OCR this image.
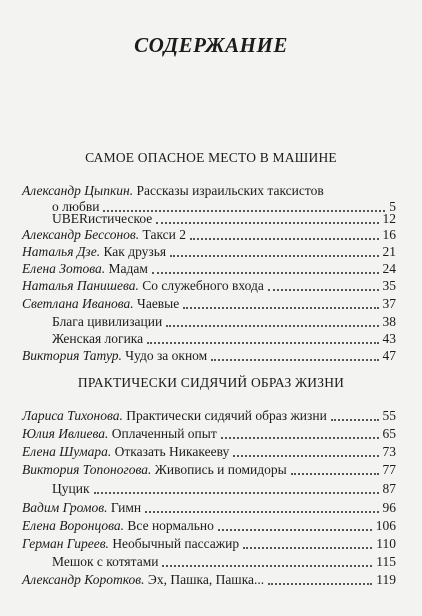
СОДЕРЖАНИЕ
САМОЕ ОПАСНОЕ МЕСТО В МАШИНЕ
Александр Цыпкин. Рассказы израильских таксистов
о любви	5
UBERистическое	12
Александр Бессонов. Такси 2	16
Наталья Дзе. Как друзья	21
Елена Зотова. Мадам	24
Наталья Панишева. Со служебного входа	35
Светлана Иванова. Чаевые	37
Блага цивилизации	38
Женская логика	43
Виктория Татур. Чудо за окном	47
ПРАКТИЧЕСКИ СИДЯЧИЙ ОБРАЗ ЖИЗНИ
Лариса Тихонова. Практически сидячий образ жизни	55
Юлия Ивлиева. Оплаченный опыт	65
Елена Шумара. Отказать Никакееву	73
Виктория Топоногова. Живопись и помидоры	77
Цуцик	87
Вадим Громов. Гимн	96
Елена Воронцова. Все нормально	106
Герман Гиреев. Необычный пассажир	110
Мешок с котятами	115
Александр Коротков. Эх, Пашка, Пашка...	119
